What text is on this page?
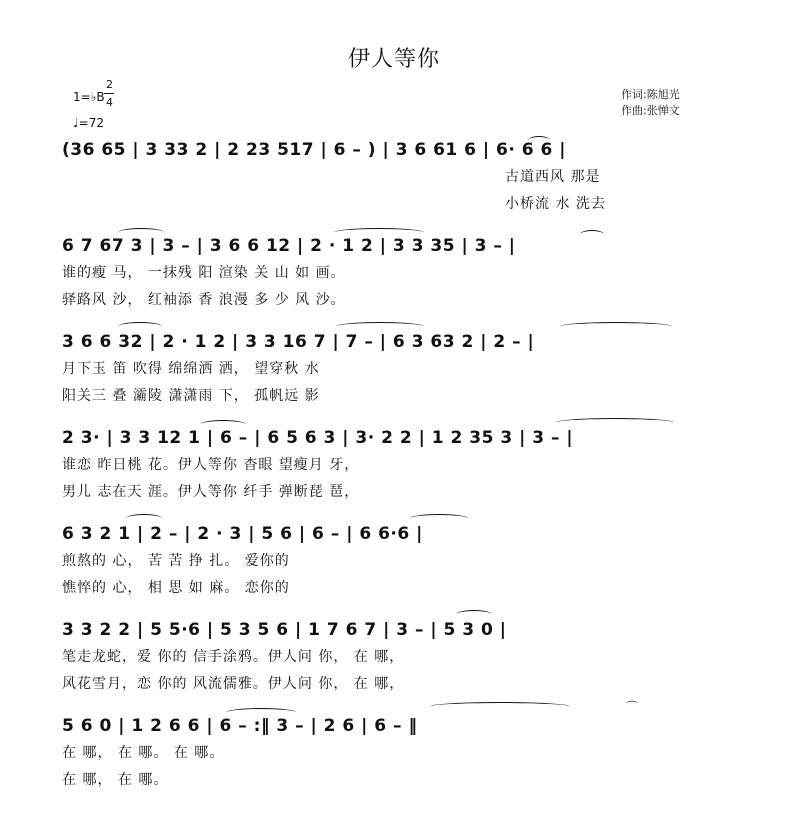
伊人等你
1=♭B
2
4
♩=72
作词:陈旭光
作曲:张惮文
(36 65 | 3 33 2 | 2 23 517 | 6 – ) | 3 6 61 6 | 6· 6 6 |
古道西风 那是
小桥流 水 洗去
6 7 67 3 | 3 – | 3 6 6 12 | 2 · 1 2 | 3 3 35 | 3 – |
谁的瘦 马， 一抹残 阳 渲染 关 山 如 画。
驿路风 沙， 红袖添 香 浪漫 多 少 风 沙。
3 6 6 32 | 2 · 1 2 | 3 3 16 7 | 7 – | 6 3 63 2 | 2 – |
月下玉 笛 吹得 绵绵洒 洒， 望穿秋 水
阳关三 叠 灞陵 潇潇雨 下， 孤帆远 影
2 3· | 3 3 12 1 | 6 – | 6 5 6 3 | 3· 2 2 | 1 2 35 3 | 3 – |
谁恋 昨日桃 花。伊人等你 杳眼 望瘦月 牙，
男儿 志在天 涯。伊人等你 纤手 弹断琵 琶，
6 3 2 1 | 2 – | 2 · 3 | 5 6 | 6 – | 6 6·6 |
煎熬的 心， 苦 苦 挣 扎。 爱你的
憔悴的 心， 相 思 如 麻。 恋你的
3 3 2 2 | 5 5·6 | 5 3 5 6 | 1 7 6 7 | 3 – | 5 3 0 |
笔走龙蛇，爱 你的 信手涂鸦。伊人问 你， 在 哪，
风花雪月，恋 你的 风流儒雅。伊人问 你， 在 哪，
5 6 0 | 1 2 6 6 | 6 – :‖ 3 – | 2 6 | 6 – ‖
在 哪， 在 哪。 在 哪。
在 哪， 在 哪。
⌒
